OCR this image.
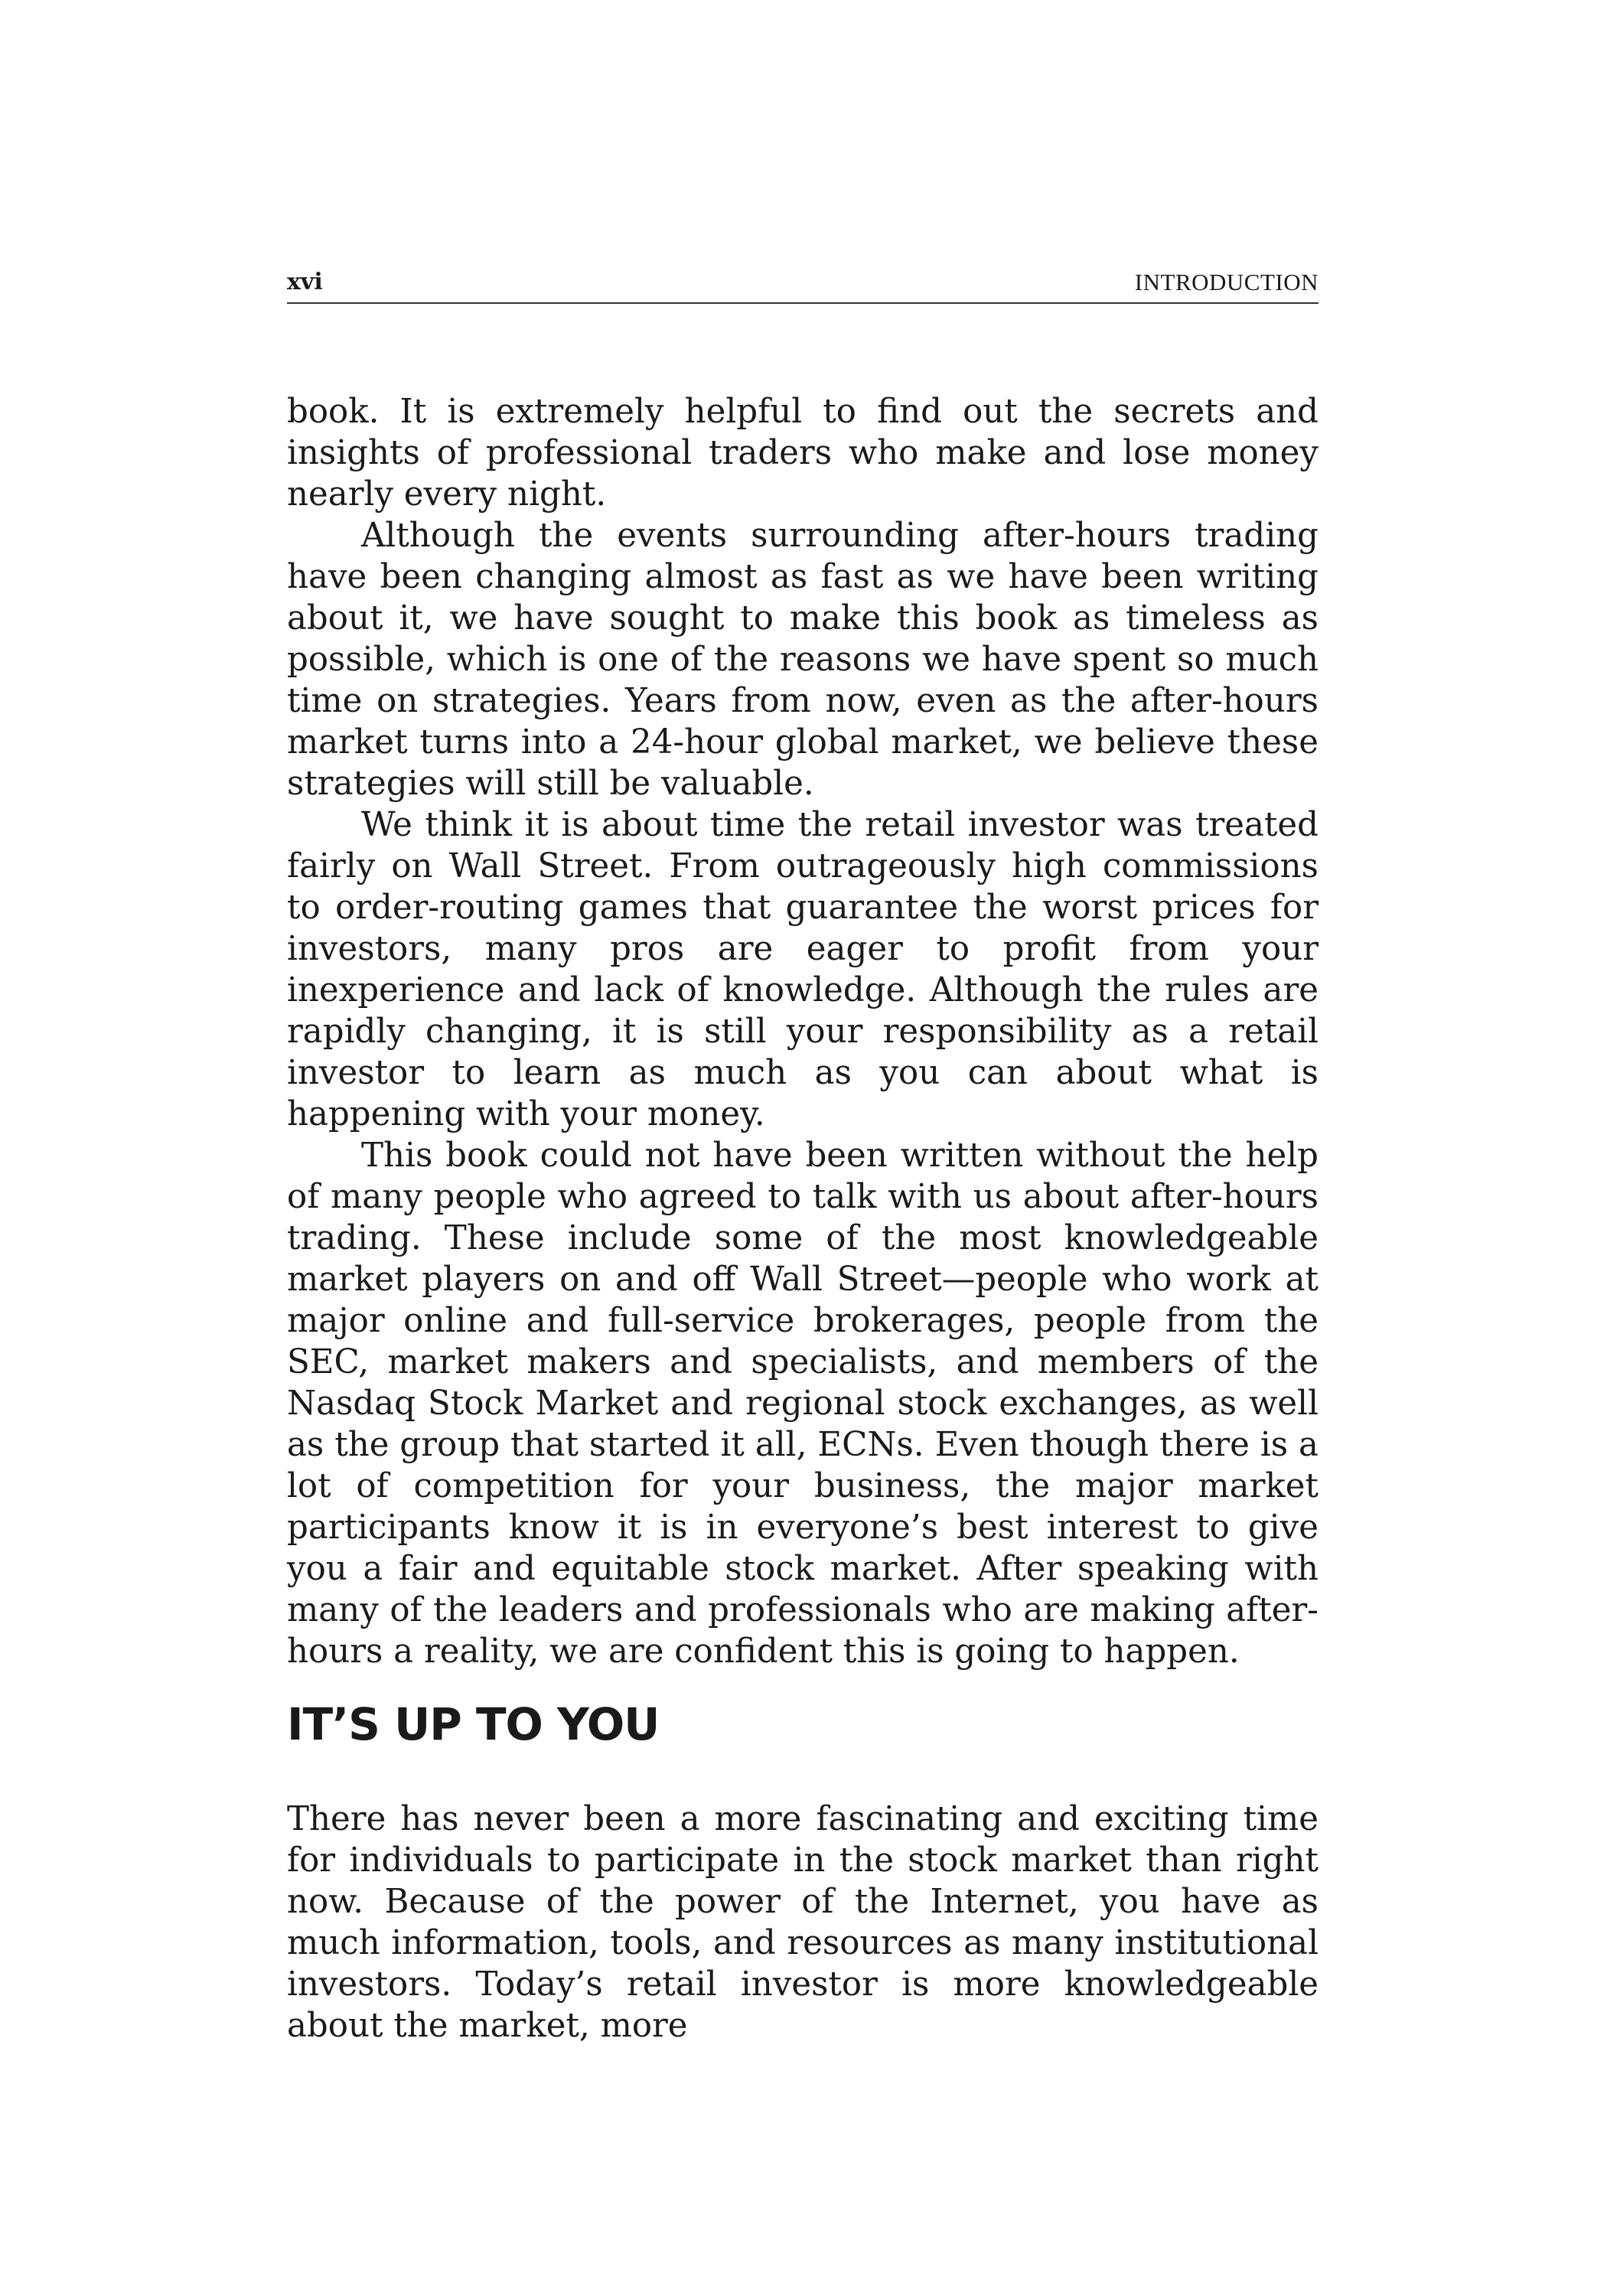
xvi	INTRODUCTION

book. It is extremely helpful to find out the secrets and insights of professional traders who make and lose money nearly every night.

Although the events surrounding after-hours trading have been changing almost as fast as we have been writing about it, we have sought to make this book as timeless as possible, which is one of the reasons we have spent so much time on strategies. Years from now, even as the after-hours market turns into a 24-hour global market, we believe these strategies will still be valuable.

We think it is about time the retail investor was treated fairly on Wall Street. From outrageously high commissions to order-routing games that guarantee the worst prices for investors, many pros are eager to profit from your inexperience and lack of knowledge. Although the rules are rapidly changing, it is still your responsibility as a retail investor to learn as much as you can about what is happening with your money.

This book could not have been written without the help of many people who agreed to talk with us about after-hours trading. These include some of the most knowledgeable market players on and off Wall Street—people who work at major online and full-service brokerages, people from the SEC, market makers and specialists, and members of the Nasdaq Stock Market and regional stock exchanges, as well as the group that started it all, ECNs. Even though there is a lot of competition for your business, the major market participants know it is in everyone’s best interest to give you a fair and equitable stock market. After speaking with many of the leaders and professionals who are making after-hours a reality, we are confident this is going to happen.

IT’S UP TO YOU

There has never been a more fascinating and exciting time for individuals to participate in the stock market than right now. Because of the power of the Internet, you have as much information, tools, and resources as many institutional investors. Today’s retail investor is more knowledgeable about the market, more
